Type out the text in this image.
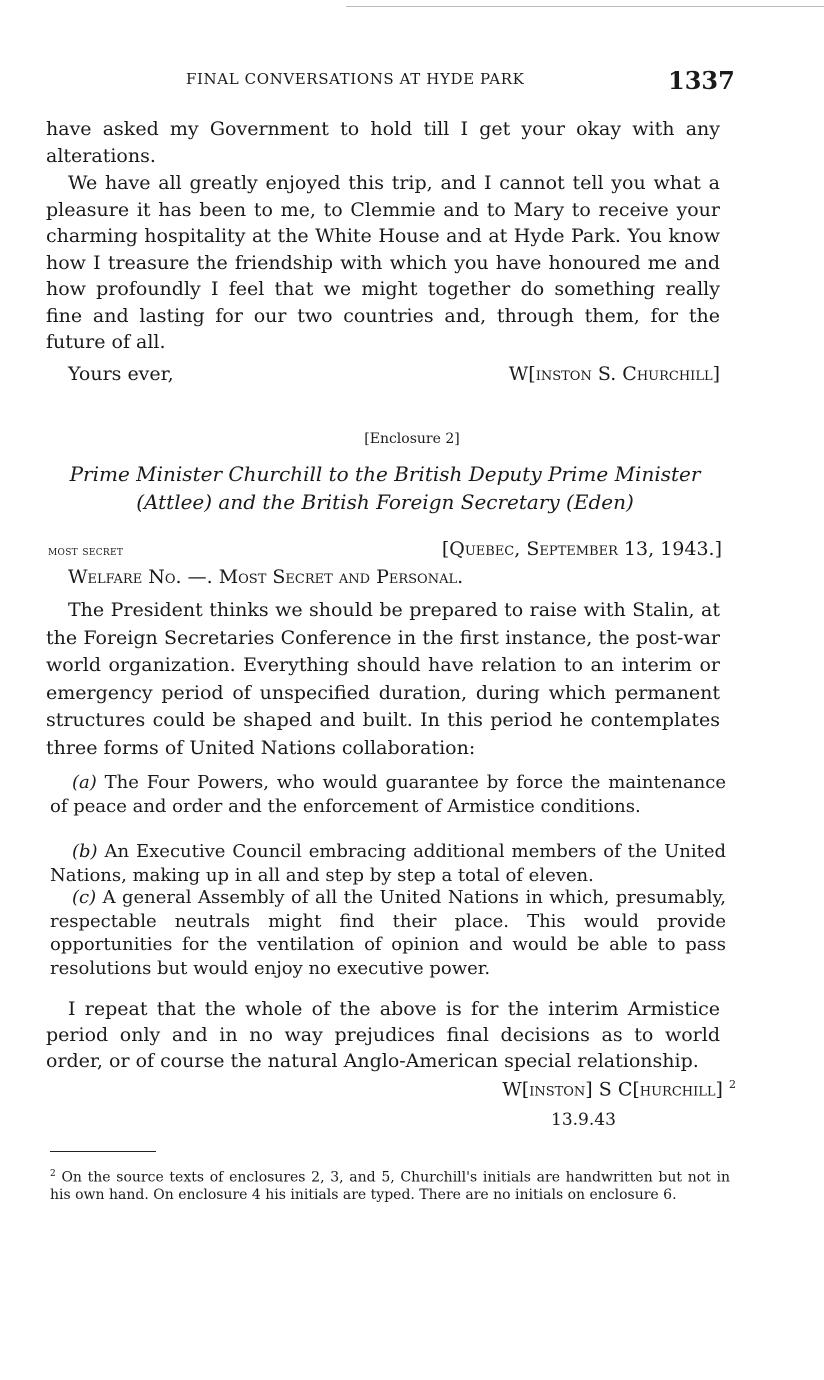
FINAL CONVERSATIONS AT HYDE PARK	1337

have asked my Government to hold till I get your okay with any alterations.

We have all greatly enjoyed this trip, and I cannot tell you what a pleasure it has been to me, to Clemmie and to Mary to receive your charming hospitality at the White House and at Hyde Park. You know how I treasure the friendship with which you have honoured me and how profoundly I feel that we might together do something really fine and lasting for our two countries and, through them, for the future of all.

Yours ever,	W[inston S. Churchill]
[Enclosure 2]
Prime Minister Churchill to the British Deputy Prime Minister
(Attlee) and the British Foreign Secretary (Eden)
most secret	[Quebec, September 13, 1943.]
Welfare No. —. Most Secret and Personal.

The President thinks we should be prepared to raise with Stalin, at the Foreign Secretaries Conference in the first instance, the post-war world organization. Everything should have relation to an interim or emergency period of unspecified duration, during which permanent structures could be shaped and built. In this period he contemplates three forms of United Nations collaboration:

(a) The Four Powers, who would guarantee by force the maintenance of peace and order and the enforcement of Armistice conditions.

(b) An Executive Council embracing additional members of the United Nations, making up in all and step by step a total of eleven.

(c) A general Assembly of all the United Nations in which, presumably, respectable neutrals might find their place. This would provide opportunities for the ventilation of opinion and would be able to pass resolutions but would enjoy no executive power.

I repeat that the whole of the above is for the interim Armistice period only and in no way prejudices final decisions as to world order, or of course the natural Anglo-American special relationship.

W[inston] S C[hurchill] $^2$
13.9.43

$^2$ On the source texts of enclosures 2, 3, and 5, Churchill's initials are handwritten but not in his own hand. On enclosure 4 his initials are typed. There are no initials on enclosure 6.
